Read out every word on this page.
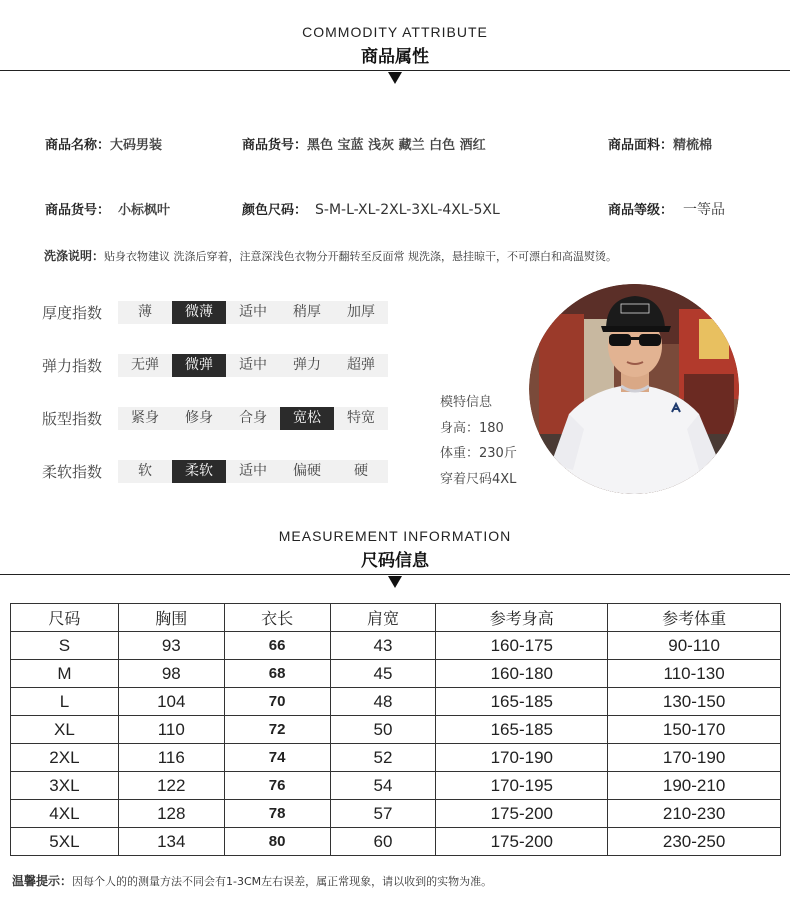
COMMODITY ATTRIBUTE
商品属性
商品名称：大码男装	商品货号：黑色 宝蓝 浅灰 藏兰 白色 酒红	商品面料：精梳棉
商品货号： 小标枫叶	颜色尺码： S-M-L-XL-2XL-3XL-4XL-5XL	商品等级： 一等品
洗涤说明：贴身衣物建议 洗涤后穿着，注意深浅色衣物分开翻转至反面常 规洗涤，悬挂晾干，不可漂白和高温熨烫。
厚度指数	薄	微薄	适中	稍厚	加厚
弹力指数	无弹	微弹	适中	弹力	超弹
版型指数	紧身	修身	合身	宽松	特宽
柔软指数	软	柔软	适中	偏硬	硬
模特信息
身高：180
体重：230斤
穿着尺码4XL
MEASUREMENT INFORMATION
尺码信息
尺码	胸围	衣长	肩宽	参考身高	参考体重
S	93	66	43	160-175	90-110
M	98	68	45	160-180	110-130
L	104	70	48	165-185	130-150
XL	110	72	50	165-185	150-170
2XL	116	74	52	170-190	170-190
3XL	122	76	54	170-195	190-210
4XL	128	78	57	175-200	210-230
5XL	134	80	60	175-200	230-250
温馨提示：因每个人的的测量方法不同会有1-3CM左右误差，属正常现象，请以收到的实物为准。
